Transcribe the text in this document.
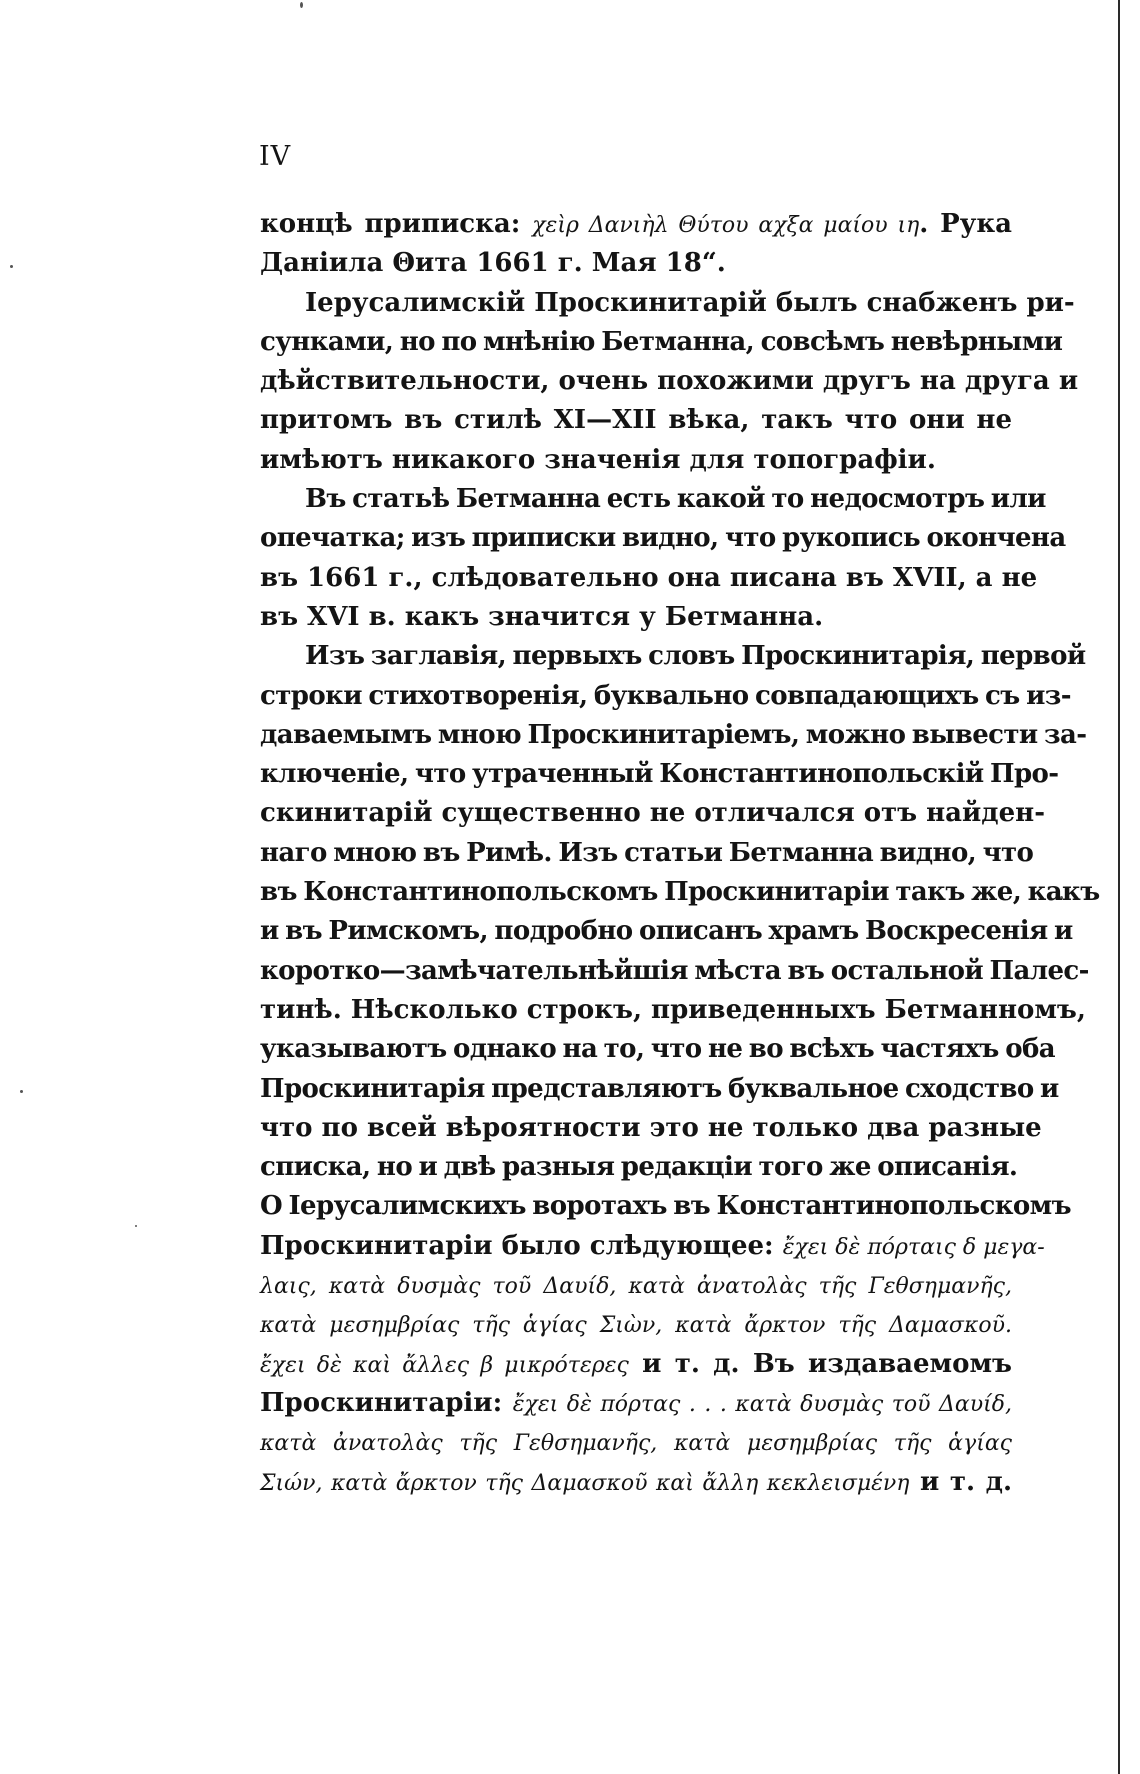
IV
концѣ приписка: χεὶρ Δανιὴλ Θύτου αχξα μαίου ιη. Рука
Даніила Θита 1661 г. Мая 18“.
Іерусалимскій Проскинитарій былъ снабженъ ри-
сунками, но по мнѣнію Бетманна, совсѣмъ невѣрными
дѣйствительности, очень похожими другъ на друга и
притомъ въ стилѣ XI—XII вѣка, такъ что они не
имѣютъ никакого значенія для топографіи.
Въ статьѣ Бетманна есть какой то недосмотръ или
опечатка; изъ приписки видно, что рукопись окончена
въ 1661 г., слѣдовательно она писана въ XVII, а не
въ XVI в. какъ значится у Бетманна.
Изъ заглавія, первыхъ словъ Проскинитарія, первой
строки стихотворенія, буквально совпадающихъ съ из-
даваемымъ мною Проскинитаріемъ, можно вывести за-
ключеніе, что утраченный Константинопольскій Про-
скинитарій существенно не отличался отъ найден-
наго мною въ Римѣ. Изъ статьи Бетманна видно, что
въ Константинопольскомъ Проскинитаріи такъ же, какъ
и въ Римскомъ, подробно описанъ храмъ Воскресенія и
коротко—замѣчательнѣйшія мѣста въ остальной Палес-
тинѣ. Нѣсколько строкъ, приведенныхъ Бетманномъ,
указываютъ однако на то, что не во всѣхъ частяхъ оба
Проскинитарія представляютъ буквальное сходство и
что по всей вѣроятности это не только два разные
списка, но и двѣ разныя редакціи того же описанія.
О Іерусалимскихъ воротахъ въ Константинопольскомъ
Проскинитаріи было слѣдующее: ἔχει δὲ πόρταις δ μεγα-
λαις, κατὰ δυσμὰς τοῦ Δαυίδ, κατὰ ἀνατολὰς τῆς Γεθσημανῆς,
κατὰ μεσημβρίας τῆς ἁγίας Σιὼν, κατὰ ἄρκτον τῆς Δαμασκοῦ.
ἔχει δὲ καὶ ἄλλες β μικρότερες и т. д. Въ издаваемомъ
Проскинитаріи: ἔχει δὲ πόρτας . . . κατὰ δυσμὰς τοῦ Δαυίδ,
κατὰ ἀνατολὰς τῆς Γεθσημανῆς, κατὰ μεσημβρίας τῆς ἁγίας
Σιών, κατὰ ἄρκτον τῆς Δαμασκοῦ καὶ ἄλλη κεκλεισμένη и т. д.
